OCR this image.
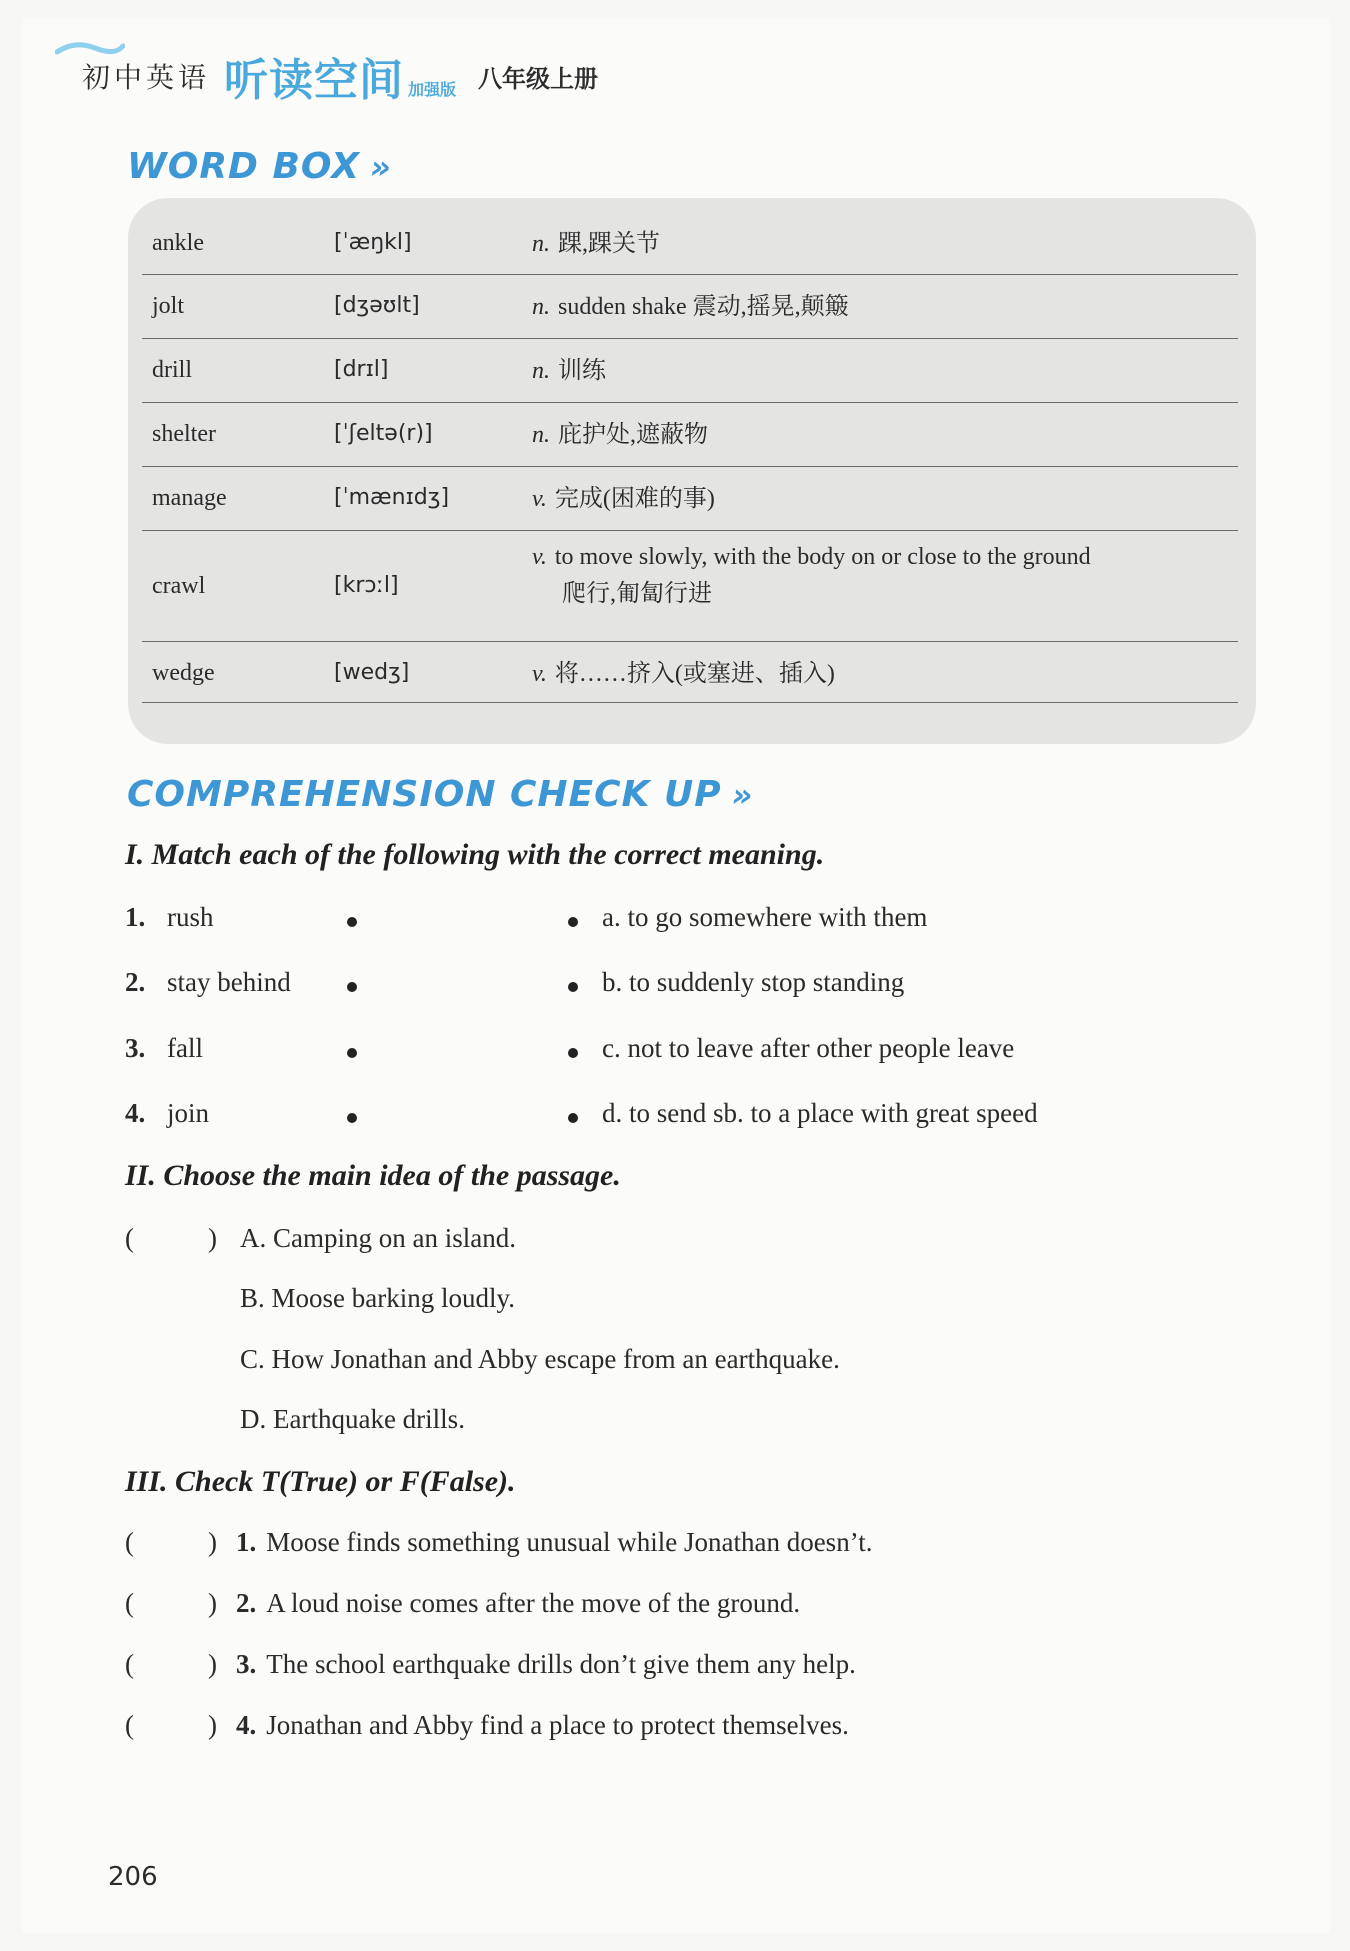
初中英语 听读空间 加强版 八年级上册
WORD BOX »
ankle	[ˈæŋkl]	n. 踝,踝关节
jolt	[dʒəʊlt]	n. sudden shake 震动,摇晃,颠簸
drill	[drɪl]	n. 训练
shelter	[ˈʃeltə(r)]	n. 庇护处,遮蔽物
manage	[ˈmænɪdʒ]	v. 完成(困难的事)
crawl	[krɔːl]
v. to move slowly, with the body on or close to the ground
爬行,匍匐行进
wedge	[wedʒ]	v. 将……挤入(或塞进、插入)
COMPREHENSION CHECK UP »
I. Match each of the following with the correct meaning.
1. rush	a. to go somewhere with them
2. stay behind	b. to suddenly stop standing
3. fall	c. not to leave after other people leave
4. join	d. to send sb. to a place with great speed
II. Choose the main idea of the passage.
(	) A. Camping on an island.
B. Moose barking loudly.
C. How Jonathan and Abby escape from an earthquake.
D. Earthquake drills.
III. Check T(True) or F(False).
(	) 1. Moose finds something unusual while Jonathan doesn’t.
(	) 2. A loud noise comes after the move of the ground.
(	) 3. The school earthquake drills don’t give them any help.
(	) 4. Jonathan and Abby find a place to protect themselves.
206
